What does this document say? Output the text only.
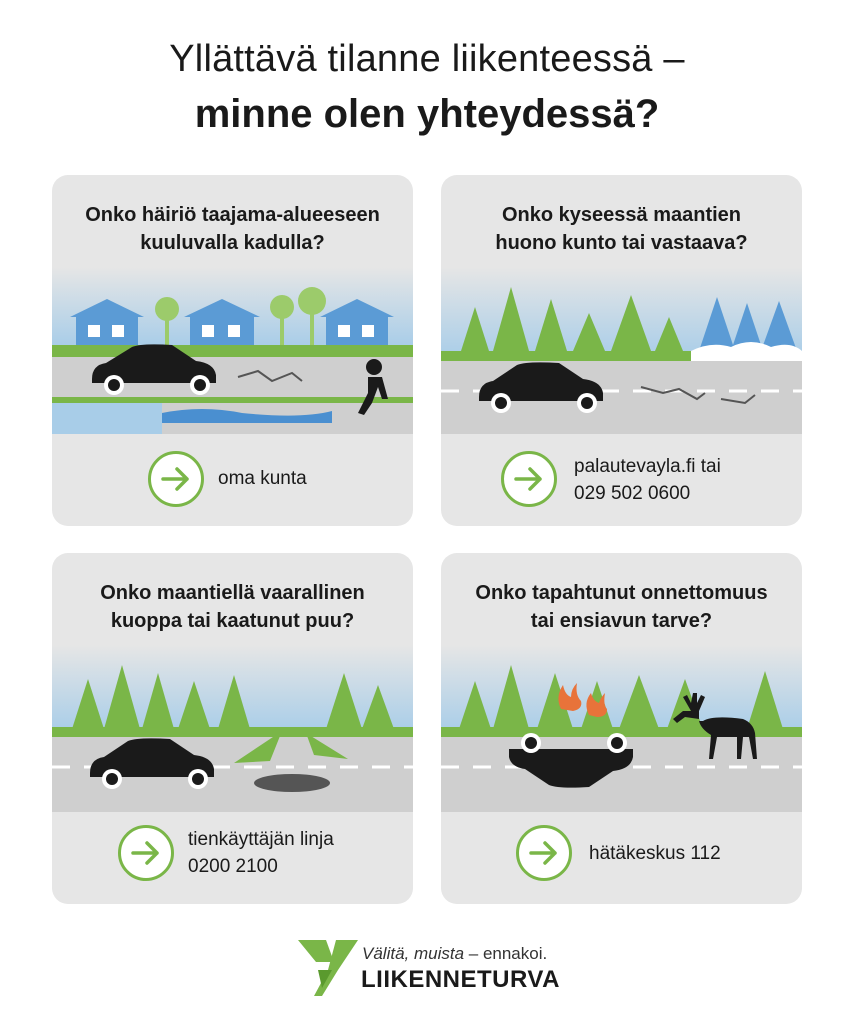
Yllättävä tilanne liikenteessä –
minne olen yhteydessä?
Onko häiriö taajama-alueeseen
kuuluvalla kadulla?
oma kunta
Onko kyseessä maantien
huono kunto tai vastaava?
palautevayla.fi tai
029 502 0600
Onko maantiellä vaarallinen
kuoppa tai kaatunut puu?
tienkäyttäjän linja
0200 2100
Onko tapahtunut onnettomuus
tai ensiavun tarve?
hätäkeskus 112
Välitä, muista – ennakoi.
LIIKENNETURVA
